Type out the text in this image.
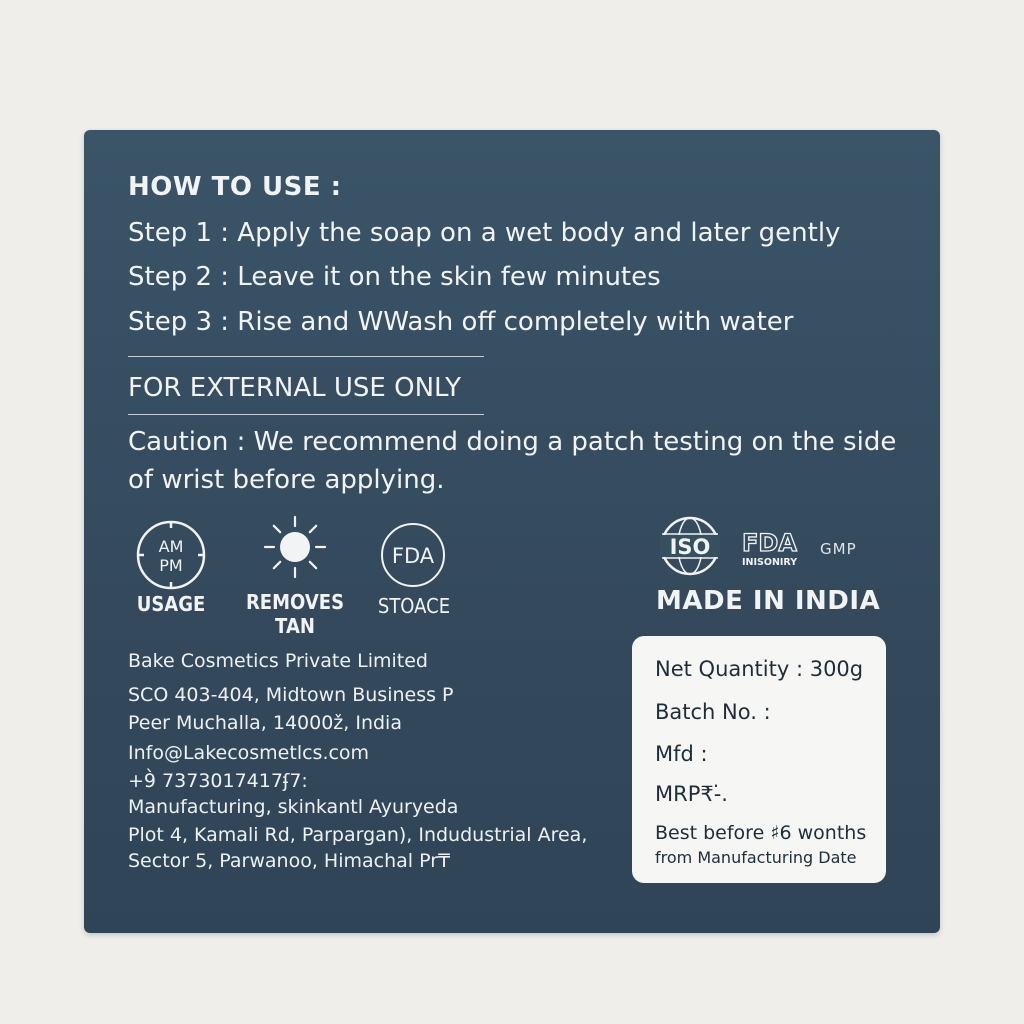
HOW TO USE :
Step 1 : Apply the soap on a wet body and later gently
Step 2 : Leave it on the skin few minutes
Step 3 : Rise and WWash off completely with water
FOR EXTERNAL USE ONLY
Caution : We recommend doing a patch testing on the side of wrist before applying.
AM
PM
USAGE REMOVES
TAN
FDA
STOACE
Bake Cosmetics Private Limited
SCO 403-404, Midtown Business P
Peer Muchalla, 14000ž, India
Info@Lakecosmetlcs.com
+9̀ 7373017417ʄ7:
Manufacturing, skinkantl Ayuryeda
Plot 4, Kamali Rd, Parpargan), Indudustrial Area,
Sector 5, Parwanoo, Himachal Pr₸
ISO FDA
INISONIRY
GMP
MADE IN INDIA
Net Quantity : 300g
Batch No. :
Mfd :
MRP₹-̇.
Best before ♯6 wonths
from Manufacturing Date
